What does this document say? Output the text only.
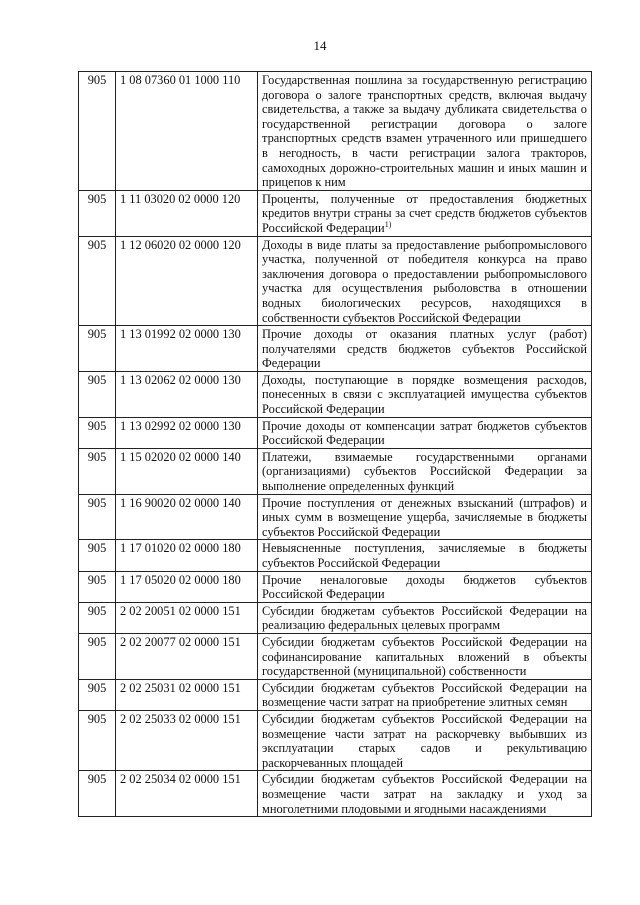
14
905	1 08 07360 01 1000 110	Государственная пошлина за государственную регистрацию договора о залоге транспортных средств, включая выдачу свидетельства, а также за выдачу дубликата свидетельства о государственной регистрации договора о залоге транспортных средств взамен утраченного или пришедшего в негодность, в части регистрации залога тракторов, самоходных дорожно-строительных машин и иных машин и прицепов к ним
905	1 11 03020 02 0000 120	Проценты, полученные от предоставления бюджетных кредитов внутри страны за счет средств бюджетов субъектов Российской Федерации$^{1)}$
905	1 12 06020 02 0000 120	Доходы в виде платы за предоставление рыбопромыслового участка, полученной от победителя конкурса на право заключения договора о предоставлении рыбопромыслового участка для осуществления рыболовства в отношении водных биологических ресурсов, находящихся в собственности субъектов Российской Федерации
905	1 13 01992 02 0000 130	Прочие доходы от оказания платных услуг (работ) получателями средств бюджетов субъектов Российской Федерации
905	1 13 02062 02 0000 130	Доходы, поступающие в порядке возмещения расходов, понесенных в связи с эксплуатацией имущества субъектов Российской Федерации
905	1 13 02992 02 0000 130	Прочие доходы от компенсации затрат бюджетов субъектов Российской Федерации
905	1 15 02020 02 0000 140	Платежи, взимаемые государственными органами (организациями) субъектов Российской Федерации за выполнение определенных функций
905	1 16 90020 02 0000 140	Прочие поступления от денежных взысканий (штрафов) и иных сумм в возмещение ущерба, зачисляемые в бюджеты субъектов Российской Федерации
905	1 17 01020 02 0000 180	Невыясненные поступления, зачисляемые в бюджеты субъектов Российской Федерации
905	1 17 05020 02 0000 180	Прочие неналоговые доходы бюджетов субъектов Российской Федерации
905	2 02 20051 02 0000 151	Субсидии бюджетам субъектов Российской Федерации на реализацию федеральных целевых программ
905	2 02 20077 02 0000 151	Субсидии бюджетам субъектов Российской Федерации на софинансирование капитальных вложений в объекты государственной (муниципальной) собственности
905	2 02 25031 02 0000 151	Субсидии бюджетам субъектов Российской Федерации на возмещение части затрат на приобретение элитных семян
905	2 02 25033 02 0000 151	Субсидии бюджетам субъектов Российской Федерации на возмещение части затрат на раскорчевку выбывших из эксплуатации старых садов и рекультивацию раскорчеванных площадей
905	2 02 25034 02 0000 151	Субсидии бюджетам субъектов Российской Федерации на возмещение части затрат на закладку и уход за многолетними плодовыми и ягодными насаждениями
